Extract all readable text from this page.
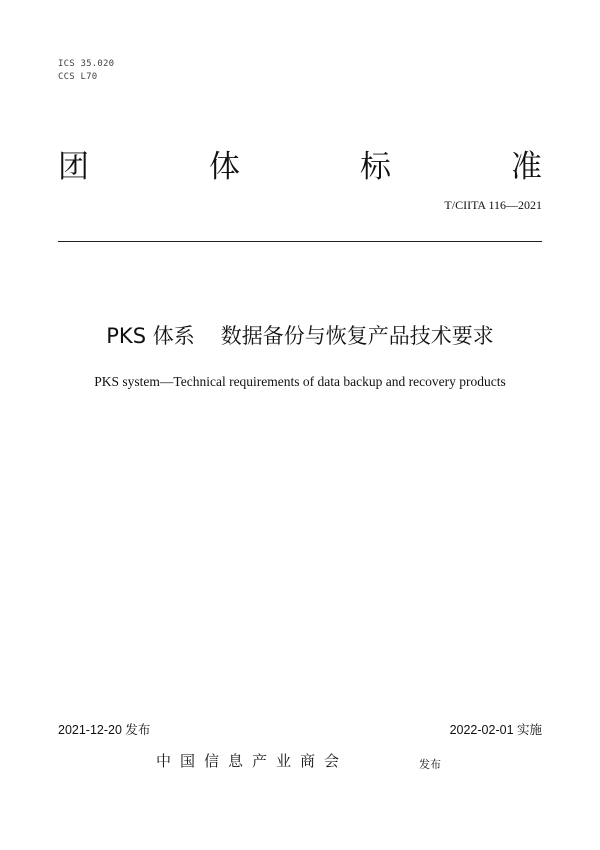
ICS 35.020
CCS L70
团	体	标	准
T/CIITA 116—2021
PKS 体系 数据备份与恢复产品技术要求
PKS system—Technical requirements of data backup and recovery products
2021-12-20 发布	2022-02-01 实施
中国信息产业商会	发布
